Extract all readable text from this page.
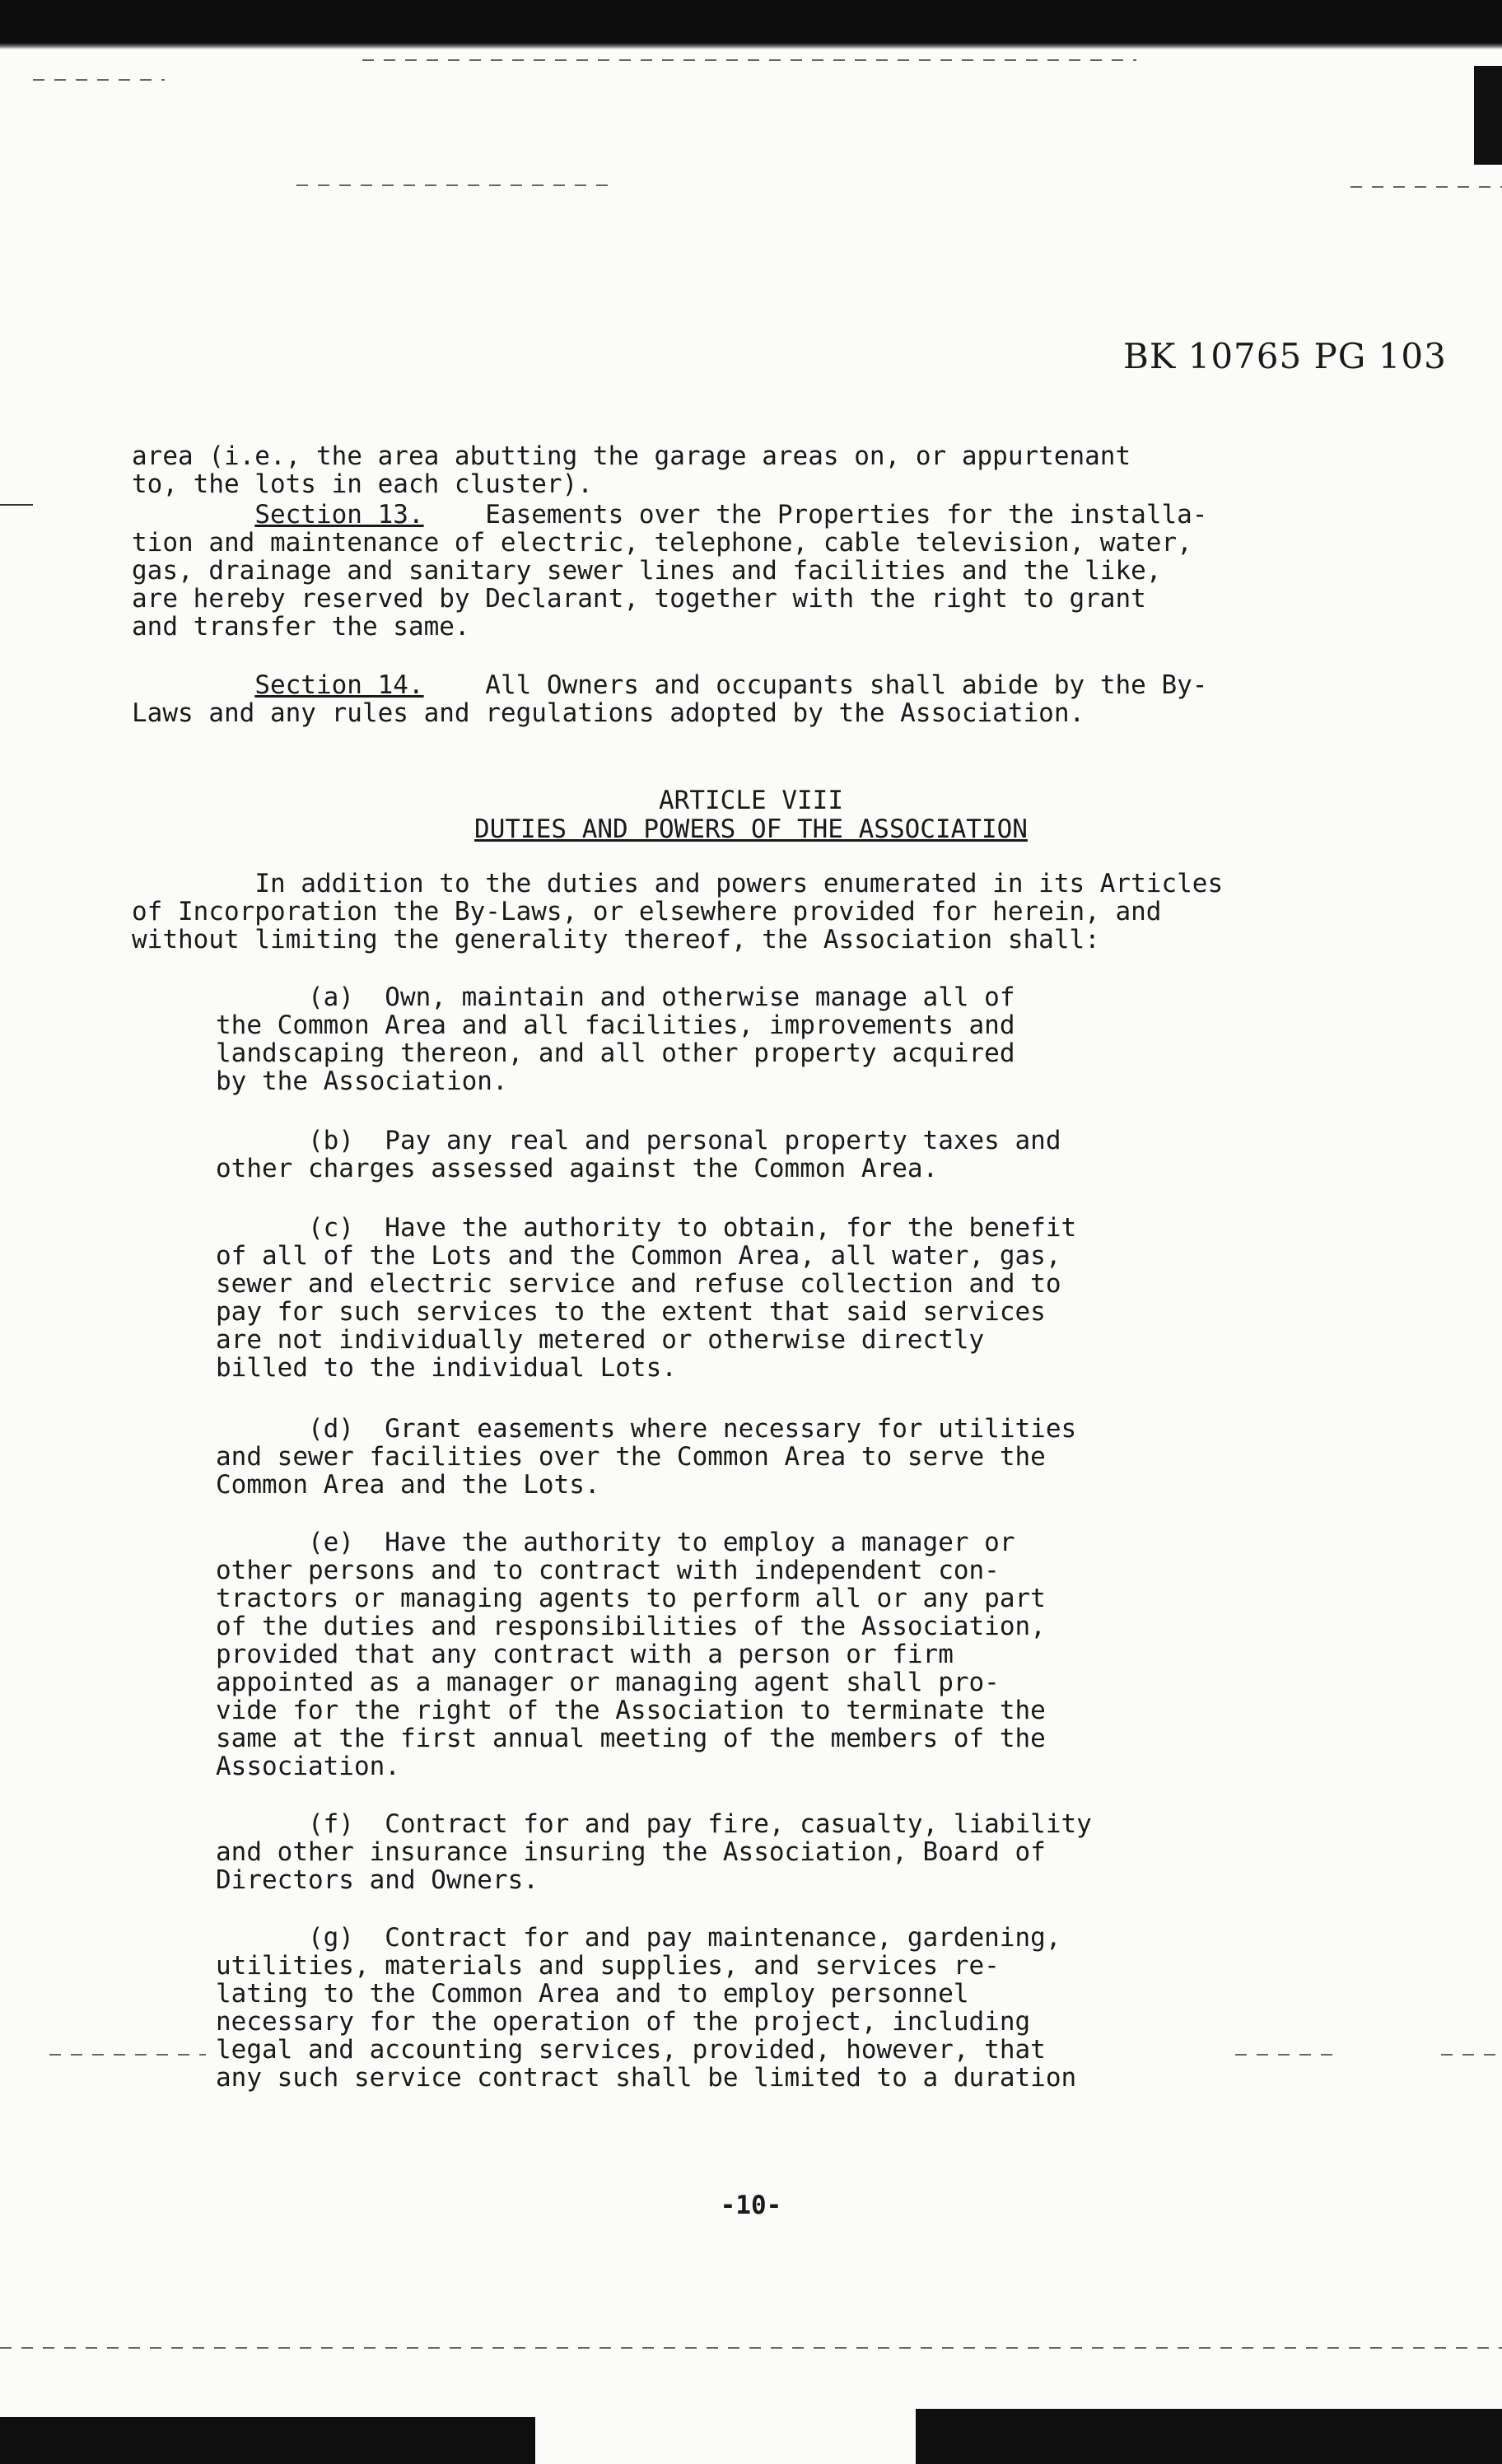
BK 10765 PG 103

area (i.e., the area abutting the garage areas on, or appurtenant
to, the lots in each cluster).
Section 13. Easements over the Properties for the installa-
tion and maintenance of electric, telephone, cable television, water,
gas, drainage and sanitary sewer lines and facilities and the like,
are hereby reserved by Declarant, together with the right to grant
and transfer the same.
Section 14. All Owners and occupants shall abide by the By-
Laws and any rules and regulations adopted by the Association.
ARTICLE VIII
DUTIES AND POWERS OF THE ASSOCIATION
In addition to the duties and powers enumerated in its Articles
of Incorporation the By-Laws, or elsewhere provided for herein, and
without limiting the generality thereof, the Association shall:
(a)  Own, maintain and otherwise manage all of
the Common Area and all facilities, improvements and
landscaping thereon, and all other property acquired
by the Association.
(b)  Pay any real and personal property taxes and
other charges assessed against the Common Area.
(c)  Have the authority to obtain, for the benefit
of all of the Lots and the Common Area, all water, gas,
sewer and electric service and refuse collection and to
pay for such services to the extent that said services
are not individually metered or otherwise directly
billed to the individual Lots.
(d)  Grant easements where necessary for utilities
and sewer facilities over the Common Area to serve the
Common Area and the Lots.
(e)  Have the authority to employ a manager or
other persons and to contract with independent con-
tractors or managing agents to perform all or any part
of the duties and responsibilities of the Association,
provided that any contract with a person or firm
appointed as a manager or managing agent shall pro-
vide for the right of the Association to terminate the
same at the first annual meeting of the members of the
Association.
(f)  Contract for and pay fire, casualty, liability
and other insurance insuring the Association, Board of
Directors and Owners.
(g)  Contract for and pay maintenance, gardening,
utilities, materials and supplies, and services re-
lating to the Common Area and to employ personnel
necessary for the operation of the project, including
legal and accounting services, provided, however, that
any such service contract shall be limited to a duration
-10-
